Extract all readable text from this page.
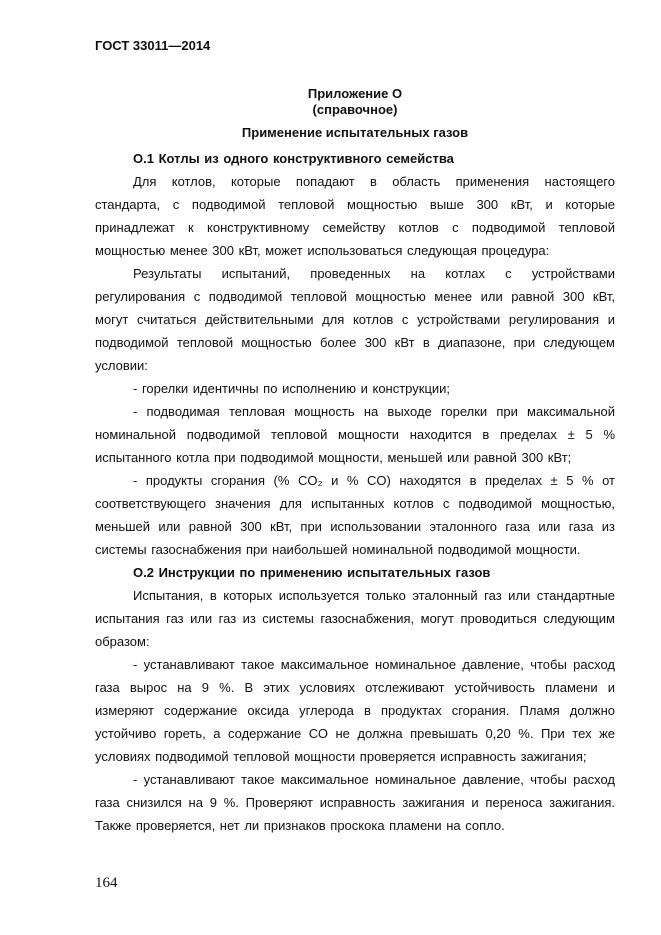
ГОСТ 33011—2014
Приложение О
(справочное)
Применение испытательных газов
О.1 Котлы из одного конструктивного семейства
Для котлов, которые попадают в область применения настоящего
стандарта, с подводимой тепловой мощностью выше 300 кВт, и которые
принадлежат к конструктивному семейству котлов с подводимой тепловой
мощностью менее 300 кВт, может использоваться следующая процедура:
Результаты испытаний, проведенных на котлах с устройствами
регулирования с подводимой тепловой мощностью менее или равной 300 кВт,
могут считаться действительными для котлов с устройствами регулирования и
подводимой тепловой мощностью более 300 кВт в диапазоне, при следующем
условии:
- горелки идентичны по исполнению и конструкции;
- подводимая тепловая мощность на выходе горелки при максимальной
номинальной подводимой тепловой мощности находится в пределах ± 5 %
испытанного котла при подводимой мощности, меньшей или равной 300 кВт;
- продукты сгорания (% CO₂ и % CO) находятся в пределах ± 5 % от
соответствующего значения для испытанных котлов с подводимой мощностью,
меньшей или равной 300 кВт, при использовании эталонного газа или газа из
системы газоснабжения при наибольшей номинальной подводимой мощности.
О.2 Инструкции по применению испытательных газов
Испытания, в которых используется только эталонный газ или стандартные
испытания газ или газ из системы газоснабжения, могут проводиться следующим
образом:
- устанавливают такое максимальное номинальное давление, чтобы расход
газа вырос на 9 %. В этих условиях отслеживают устойчивость пламени и
измеряют содержание оксида углерода в продуктах сгорания. Пламя должно
устойчиво гореть, а содержание СО не должна превышать 0,20 %. При тех же
условиях подводимой тепловой мощности проверяется исправность зажигания;
- устанавливают такое максимальное номинальное давление, чтобы расход
газа снизился на 9 %. Проверяют исправность зажигания и переноса зажигания.
Также проверяется, нет ли признаков проскока пламени на сопло.
164
